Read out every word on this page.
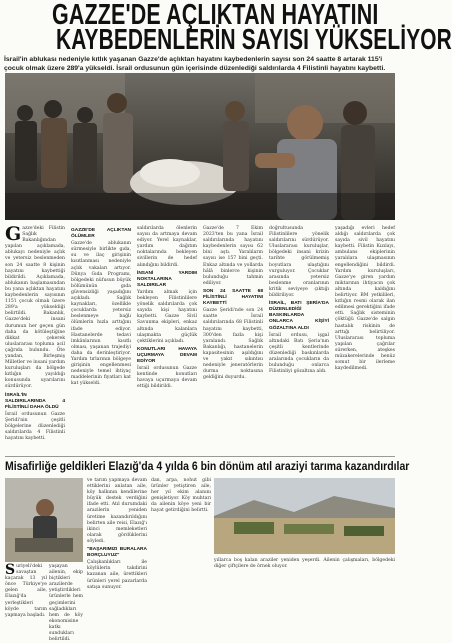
GAZZE'DE AÇLIKTAN HAYATINI
KAYBEDENLERİN SAYISI YÜKSELİYOR
İsrail'in ablukası nedeniyle kıtlık yaşanan Gazze'de açlıktan hayatını kaybedenlerin sayısı son 24 saatte 8 artarak 115'i çocuk olmak üzere 289'a yükseldi. İsrail ordusunun gün içerisinde düzenlediği saldırılarda 4 Filistinli hayatını kaybetti.
G azze'deki Filistin Sağlık Bakanlığından yapılan açıklamada, ablukayı nedeniyle açlık ve yetersiz beslenmeden son 24 saatte 8 kişinin hayatını kaybettiği bildirildi. Açıklamada, ablukanın başlamasından bu yana açlıktan hayatını kaybedenlerin sayısının 115'i çocuk olmak üzere 289'a yükseldiği belirtildi. Bakanlık, Gazze'deki insani durumun her geçen gün daha da kötüleştiğine dikkat çekerek uluslararası topluma acil çağrıda bulundu. Öte yandan, Birleşmiş Milletler ve insani yardım kuruluşları da bölgede kıtlığın yayıldığı konusunda uyarılarını sürdürüyor.

İSRAİL'İN SALDIRILARINDA 4 FİLİSTİNLİ DAHA ÖLDÜ

İsrail ordusunun Gazze Şeridi'nin çeşitli bölgelerine düzenlediği saldırılarda 4 Filistinli hayatını kaybetti.

GAZZE'DE AÇLIKTAN ÖLÜMLER

Gazze'de ablukanın sürmesiyle birlikte gıda, su ve ilaç girişinin kısıtlanması nedeniyle açlık vakaları artıyor. Dünya Gıda Programı, bölgedeki nüfusun büyük bölümünün gıda güvensizliği yaşadığını açıkladı. Sağlık kaynakları, özellikle çocuklarda yetersiz beslenmeye bağlı ölümlerin hızla arttığını ifade ediyor. Hastanelerde tedavi imkânlarının kısıtlı olması, yaşanan trajediyi daha da derinleştiriyor. Yardım tırlarının bölgeye girişinin engellenmesi nedeniyle temel ihtiyaç maddelerinin fiyatları kat kat yükseldi.

saldırılarda ölenlerin sayısı da artmaya devam ediyor. Yerel kaynaklar, yardım dağıtım noktalarında bekleyen sivillerin de hedef alındığını bildirdi.

İNSANİ YARDIM NOKTALARINA SALDIRILAR

Yardım almak için bekleyen Filistinlilere yönelik saldırılarda çok sayıda kişi hayatını kaybetti. Gazze Sivil Savunma ekipleri, enkaz altında kalanlara ulaşmakta güçlük çektiklerini açıkladı.

KONUTLARI HAVAYA UÇURMAYA DEVAM EDİYOR

İsrail ordusunun Gazze kentinde konutları havaya uçurmaya devam ettiği bildirildi.

Gazze'de 7 Ekim 2023'ten bu yana İsrail saldırılarında hayatını kaybedenlerin sayısı 62 bini aştı. Yaralıların sayısı ise 157 bini geçti. Enkaz altında ve yollarda hâlâ binlerce kişinin bulunduğu tahmin ediliyor.

SON 24 SAATTE 68 FİLİSTİNLİ HAYATINI KAYBETTİ

Gazze Şeridi'nde son 24 saatte İsrail saldırılarında 68 Filistinli hayatını kaybetti, 300'den fazla kişi yaralandı. Sağlık Bakanlığı, hastanelerin kapasitesinin aşıldığını ve yakıt sıkıntısı nedeniyle jeneratörlerin durma noktasına geldiğini duyurdu.

doğrultusunda Filistinlilere yönelik saldırılarını sürdürüyor. Uluslararası kuruluşlar, bölgedeki insani krizin tarihte görülmemiş boyutlara ulaştığını vurguluyor. Çocuklar arasında yetersiz beslenme oranlarının kritik seviyeye çıktığı bildiriliyor.

İSRAİL, BATI ŞERİA'DA DÜZENLEDİĞİ BASKINLARDA ONLARCA KİŞİYİ GÖZALTINA ALDI

İsrail ordusu, işgal altındaki Batı Şeria'nın çeşitli kentlerinde düzenlediği baskınlarda aralarında çocukların da bulunduğu onlarca Filistinliyi gözaltına aldı.

yaşadığı evleri hedef aldığı saldırılarda çok sayıda sivil hayatını kaybetti. Filistin Kızılayı, ambulans ekiplerinin yaralılara ulaşmasının engellendiğini bildirdi. Yardım kuruluşları, Gazze'ye giren yardım miktarının ihtiyacın çok altında kaldığını belirtiyor. BM yetkilileri, kıtlığın resmi olarak ilan edilmesi gerektiğini ifade etti. Sağlık sisteminin çöktüğü Gazze'de salgın hastalık riskinin de arttığı belirtiliyor. Uluslararası topluma yapılan çağrılar sürerken, ateşkes müzakerelerinde henüz somut bir ilerleme kaydedilmedi.

Misafirliğe geldikleri Elazığ'da 4 yılda 6 bin dönüm atıl araziyi tarıma kazandırdılar
S uriyeli'deki savaştan kaçarak 13 yıl önce Türkiye'ye gelen aile, Elazığ'da yerleştikleri köyde tarım yapmaya başladı.
yaşayan ailenin, ekip biçtikleri arazilerde yetiştirdikleri ürünlerle hem geçimlerini sağladıkları hem de köy ekonomisine katkı sundukları belirtildi.

ve tarım yapmaya devam ettiklerini anlatan aile, köy halkının kendilerine büyük destek verdiğini ifade etti. Atıl durumdaki arazilerin yeniden üretime kazandırıldığını belirten aile reisi, Elazığ'ı ikinci memleketleri olarak gördüklerini söyledi.

"BAŞARIMIZI BURALARA BORÇLUYUZ"

Çalışkanlıkları ile köylülerin takdirini kazanan aile, ürettikleri ürünleri yerel pazarlarda satışa sunuyor.

dan, arpa, nohut gibi ürünler yetiştiren aile, her yıl ekim alanını genişletiyor. Köy muhtarı da ailenin köye yeni bir hayat getirdiğini belirtti.

yıllarca boş kalan araziler yeniden yeşerdi. Ailenin çalışmaları, bölgedeki diğer çiftçilere de örnek oluyor.
